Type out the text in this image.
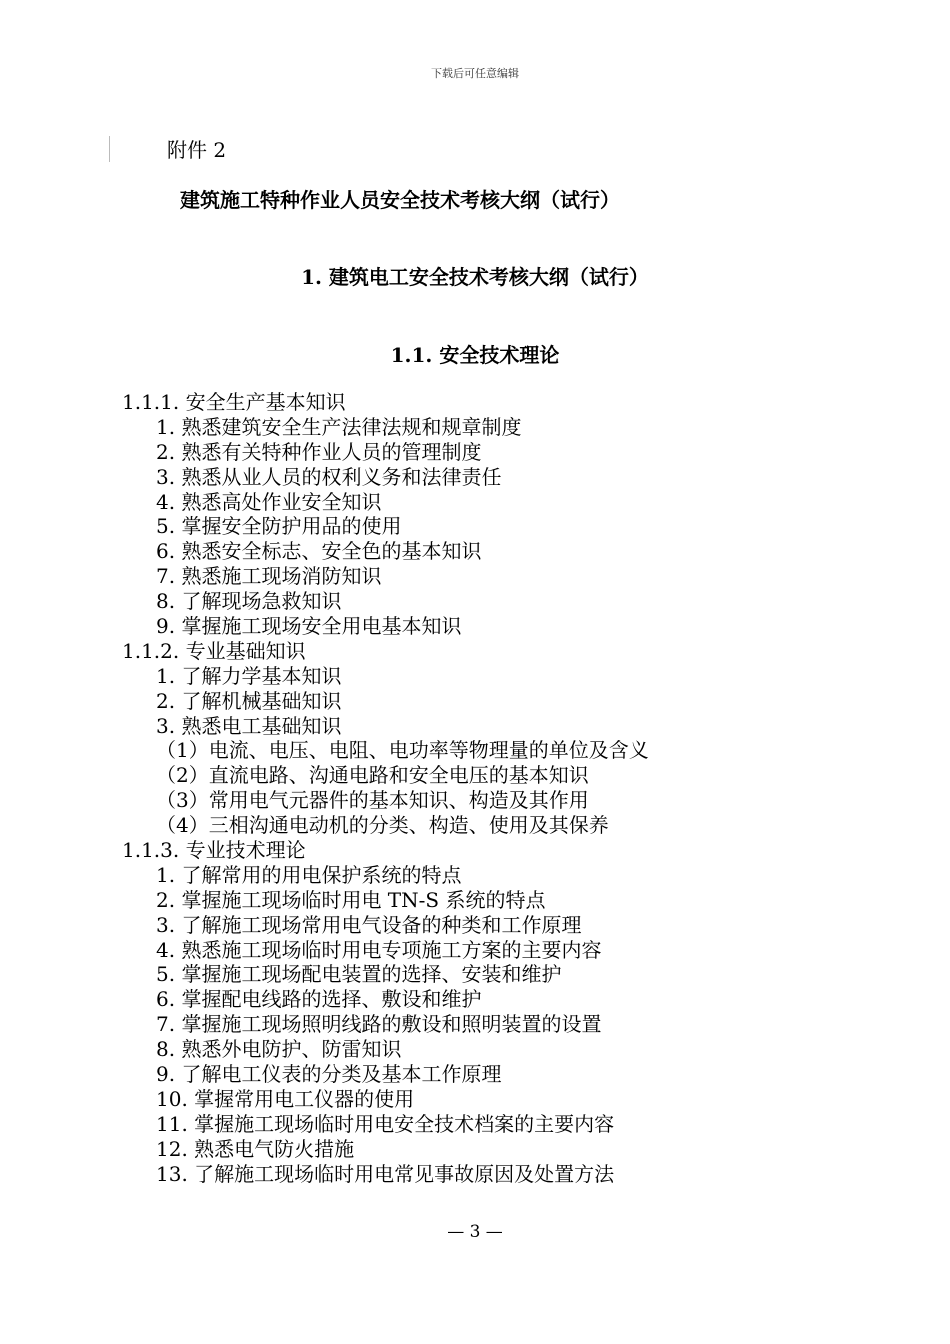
下载后可任意编辑
附件 2
建筑施工特种作业人员安全技术考核大纲（试行）
1. 建筑电工安全技术考核大纲（试行）
1.1. 安全技术理论
1.1.1. 安全生产基本知识
1. 熟悉建筑安全生产法律法规和规章制度
2. 熟悉有关特种作业人员的管理制度
3. 熟悉从业人员的权利义务和法律责任
4. 熟悉高处作业安全知识
5. 掌握安全防护用品的使用
6. 熟悉安全标志、安全色的基本知识
7. 熟悉施工现场消防知识
8. 了解现场急救知识
9. 掌握施工现场安全用电基本知识
1.1.2. 专业基础知识
1. 了解力学基本知识
2. 了解机械基础知识
3. 熟悉电工基础知识
（1）电流、电压、电阻、电功率等物理量的单位及含义
（2）直流电路、沟通电路和安全电压的基本知识
（3）常用电气元器件的基本知识、构造及其作用
（4）三相沟通电动机的分类、构造、使用及其保养
1.1.3. 专业技术理论
1. 了解常用的用电保护系统的特点
2. 掌握施工现场临时用电 TN-S 系统的特点
3. 了解施工现场常用电气设备的种类和工作原理
4. 熟悉施工现场临时用电专项施工方案的主要内容
5. 掌握施工现场配电装置的选择、安装和维护
6. 掌握配电线路的选择、敷设和维护
7. 掌握施工现场照明线路的敷设和照明装置的设置
8. 熟悉外电防护、防雷知识
9. 了解电工仪表的分类及基本工作原理
10. 掌握常用电工仪器的使用
11. 掌握施工现场临时用电安全技术档案的主要内容
12. 熟悉电气防火措施
13. 了解施工现场临时用电常见事故原因及处置方法
— 3 —
